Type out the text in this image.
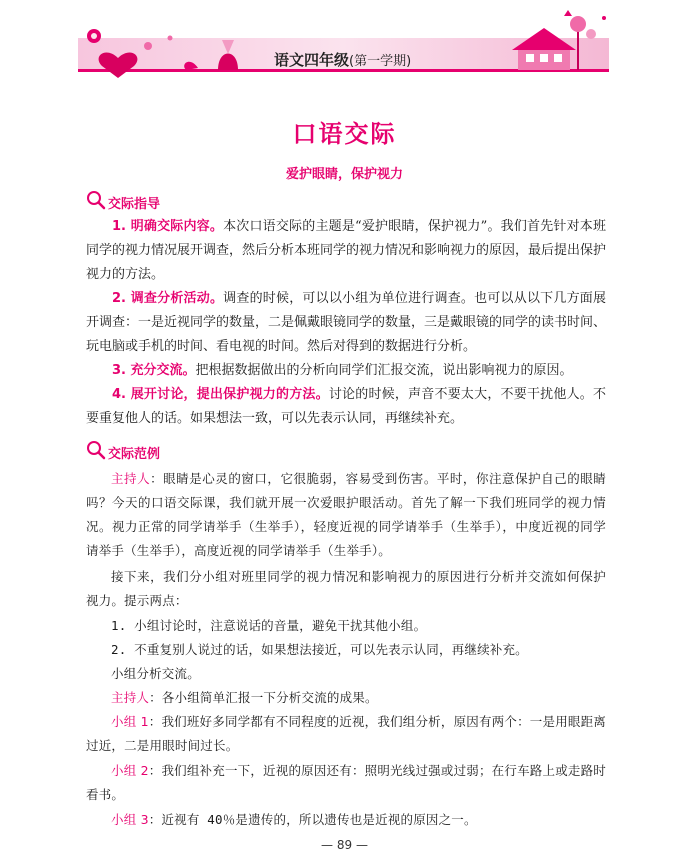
语文四年级(第一学期)
口语交际
爱护眼睛，保护视力
交际指导

1. 明确交际内容。本次口语交际的主题是“爱护眼睛，保护视力”。我们首先针对本班同学的视力情况展开调查，然后分析本班同学的视力情况和影响视力的原因，最后提出保护视力的方法。

2. 调查分析活动。调查的时候，可以以小组为单位进行调查。也可以从以下几方面展开调查：一是近视同学的数量，二是佩戴眼镜同学的数量，三是戴眼镜的同学的读书时间、玩电脑或手机的时间、看电视的时间。然后对得到的数据进行分析。

3. 充分交流。把根据数据做出的分析向同学们汇报交流，说出影响视力的原因。

4. 展开讨论，提出保护视力的方法。讨论的时候，声音不要太大，不要干扰他人。不要重复他人的话。如果想法一致，可以先表示认同，再继续补充。

交际范例

主持人：眼睛是心灵的窗口，它很脆弱，容易受到伤害。平时，你注意保护自己的眼睛吗？今天的口语交际课，我们就开展一次爱眼护眼活动。首先了解一下我们班同学的视力情况。视力正常的同学请举手（生举手），轻度近视的同学请举手（生举手），中度近视的同学请举手（生举手），高度近视的同学请举手（生举手）。

接下来，我们分小组对班里同学的视力情况和影响视力的原因进行分析并交流如何保护视力。提示两点：

1. 小组讨论时，注意说话的音量，避免干扰其他小组。

2. 不重复别人说过的话，如果想法接近，可以先表示认同，再继续补充。

小组分析交流。

主持人：各小组简单汇报一下分析交流的成果。

小组 1：我们班好多同学都有不同程度的近视，我们组分析，原因有两个：一是用眼距离过近，二是用眼时间过长。

小组 2：我们组补充一下，近视的原因还有：照明光线过强或过弱；在行车路上或走路时看书。

小组 3：近视有 40％是遗传的，所以遗传也是近视的原因之一。

— 89 —
